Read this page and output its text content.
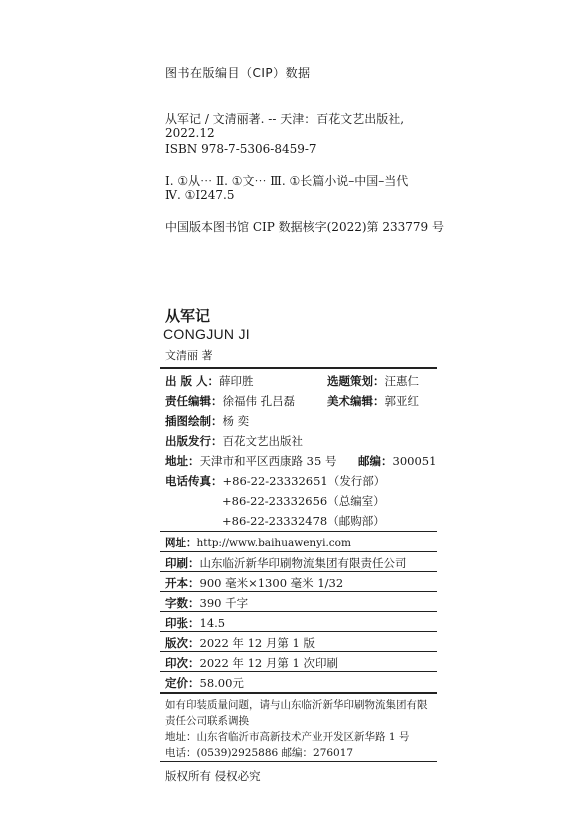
图书在版编目（CIP）数据
从军记 / 文清丽著. -- 天津：百花文艺出版社,
2022.12
ISBN 978-7-5306-8459-7
Ⅰ. ①从⋯ Ⅱ. ①文⋯ Ⅲ. ①长篇小说–中国–当代
Ⅳ. ①I247.5
中国版本图书馆 CIP 数据核字(2022)第 233779 号
从军记
CONGJUN JI
文清丽 著
出 版 人：薛印胜	选题策划：汪惠仁
责任编辑：徐福伟 孔吕磊	美术编辑：郭亚红
插图绘制：杨 奕
出版发行：百花文艺出版社
地址：天津市和平区西康路 35 号 邮编：300051
电话传真：+86-22-23332651（发行部）
+86-22-23332656（总编室）
+86-22-23332478（邮购部）
网址：http://www.baihuawenyi.com
印刷：山东临沂新华印刷物流集团有限责任公司
开本：900 毫米×1300 毫米 1/32
字数：390 千字
印张：14.5
版次：2022 年 12 月第 1 版
印次：2022 年 12 月第 1 次印刷
定价：58.00元
如有印装质量问题，请与山东临沂新华印刷物流集团有限
责任公司联系调换
地址：山东省临沂市高新技术产业开发区新华路 1 号
电话：(0539)2925886 邮编：276017
版权所有 侵权必究
